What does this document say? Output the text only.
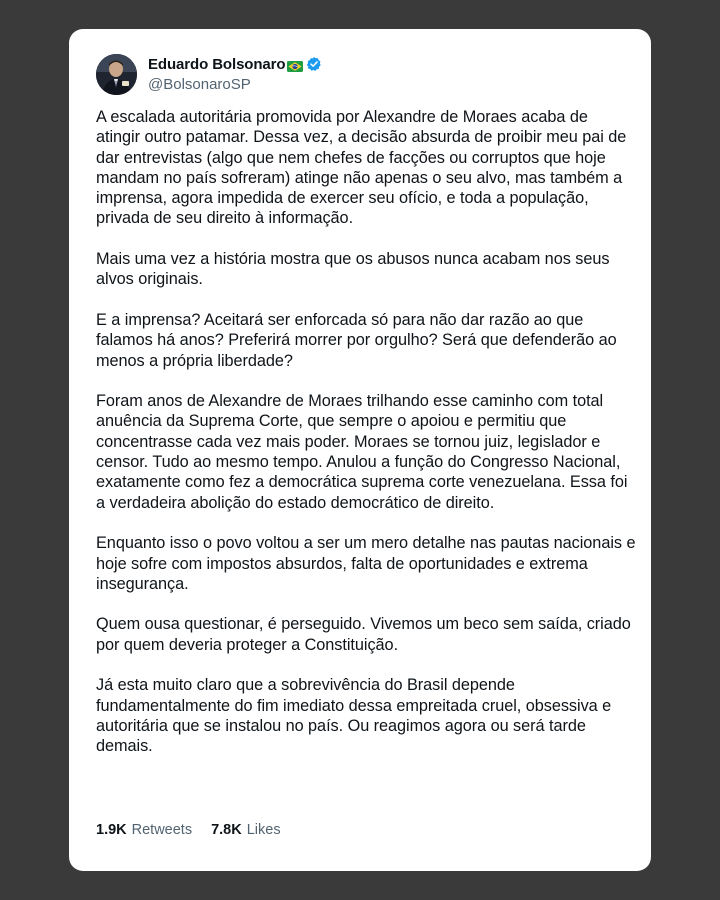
Eduardo Bolsonaro
@BolsonaroSP

A escalada autoritária promovida por Alexandre de Moraes acaba de atingir outro patamar. Dessa vez, a decisão absurda de proibir meu pai de dar entrevistas (algo que nem chefes de facções ou corruptos que hoje mandam no país sofreram) atinge não apenas o seu alvo, mas também a imprensa, agora impedida de exercer seu ofício, e toda a população, privada de seu direito à informação.

Mais uma vez a história mostra que os abusos nunca acabam nos seus alvos originais.

E a imprensa? Aceitará ser enforcada só para não dar razão ao que falamos há anos? Preferirá morrer por orgulho? Será que defenderão ao menos a própria liberdade?

Foram anos de Alexandre de Moraes trilhando esse caminho com total anuência da Suprema Corte, que sempre o apoiou e permitiu que concentrasse cada vez mais poder. Moraes se tornou juiz, legislador e censor. Tudo ao mesmo tempo. Anulou a função do Congresso Nacional, exatamente como fez a democrática suprema corte venezuelana. Essa foi a verdadeira abolição do estado democrático de direito.

Enquanto isso o povo voltou a ser um mero detalhe nas pautas nacionais e hoje sofre com impostos absurdos, falta de oportunidades e extrema insegurança.

Quem ousa questionar, é perseguido. Vivemos um beco sem saída, criado por quem deveria proteger a Constituição.

Já esta muito claro que a sobrevivência do Brasil depende fundamentalmente do fim imediato dessa empreitada cruel, obsessiva e autoritária que se instalou no país. Ou reagimos agora ou será tarde demais.

1.9K Retweets 7.8K Likes
